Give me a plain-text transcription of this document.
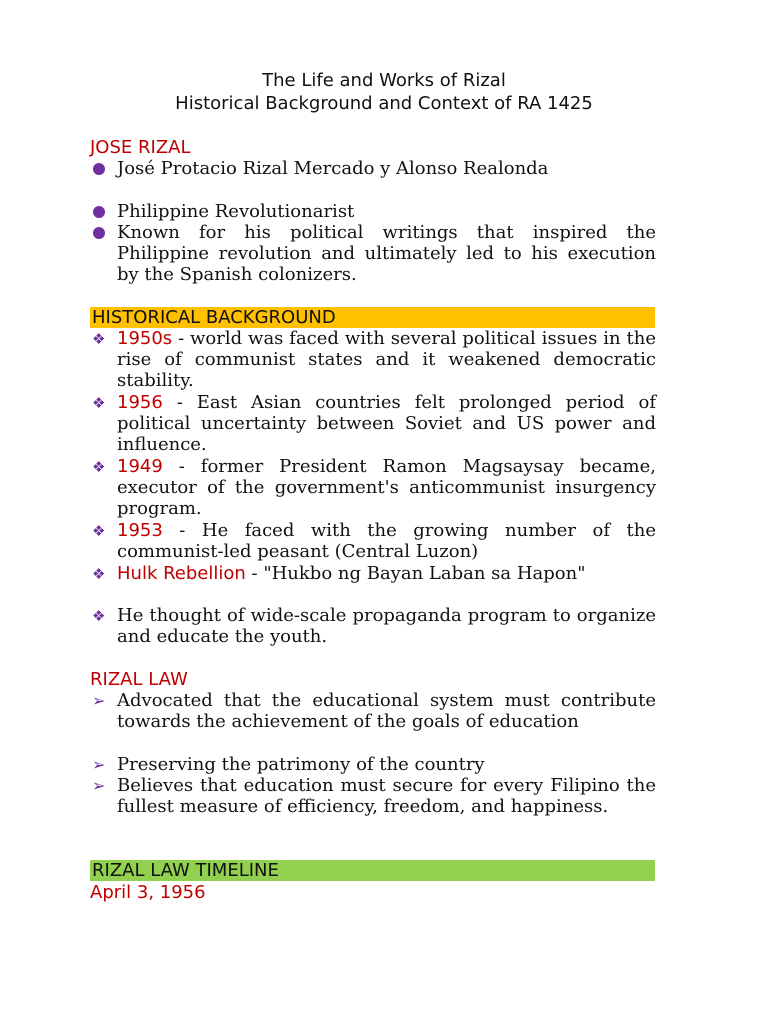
The Life and Works of Rizal
Historical Background and Context of RA 1425
JOSE RIZAL
José Protacio Rizal Mercado y Alonso Realonda
Philippine Revolutionarist
Known for his political writings that inspired the Philippine revolution and ultimately led to his execution by the Spanish colonizers.
HISTORICAL BACKGROUND
❖ 1950s - world was faced with several political issues in the rise of communist states and it weakened democratic stability.
❖ 1956 - East Asian countries felt prolonged period of political uncertainty between Soviet and US power and influence.
❖ 1949 - former President Ramon Magsaysay became, executor of the government's anticommunist insurgency program.
❖ 1953 - He faced with the growing number of the communist-led peasant (Central Luzon)
❖ Hulk Rebellion - "Hukbo ng Bayan Laban sa Hapon"
❖ He thought of wide-scale propaganda program to organize and educate the youth.
RIZAL LAW
➢ Advocated that the educational system must contribute towards the achievement of the goals of education
➢ Preserving the patrimony of the country
➢ Believes that education must secure for every Filipino the fullest measure of efficiency, freedom, and happiness.
RIZAL LAW TIMELINE
April 3, 1956
